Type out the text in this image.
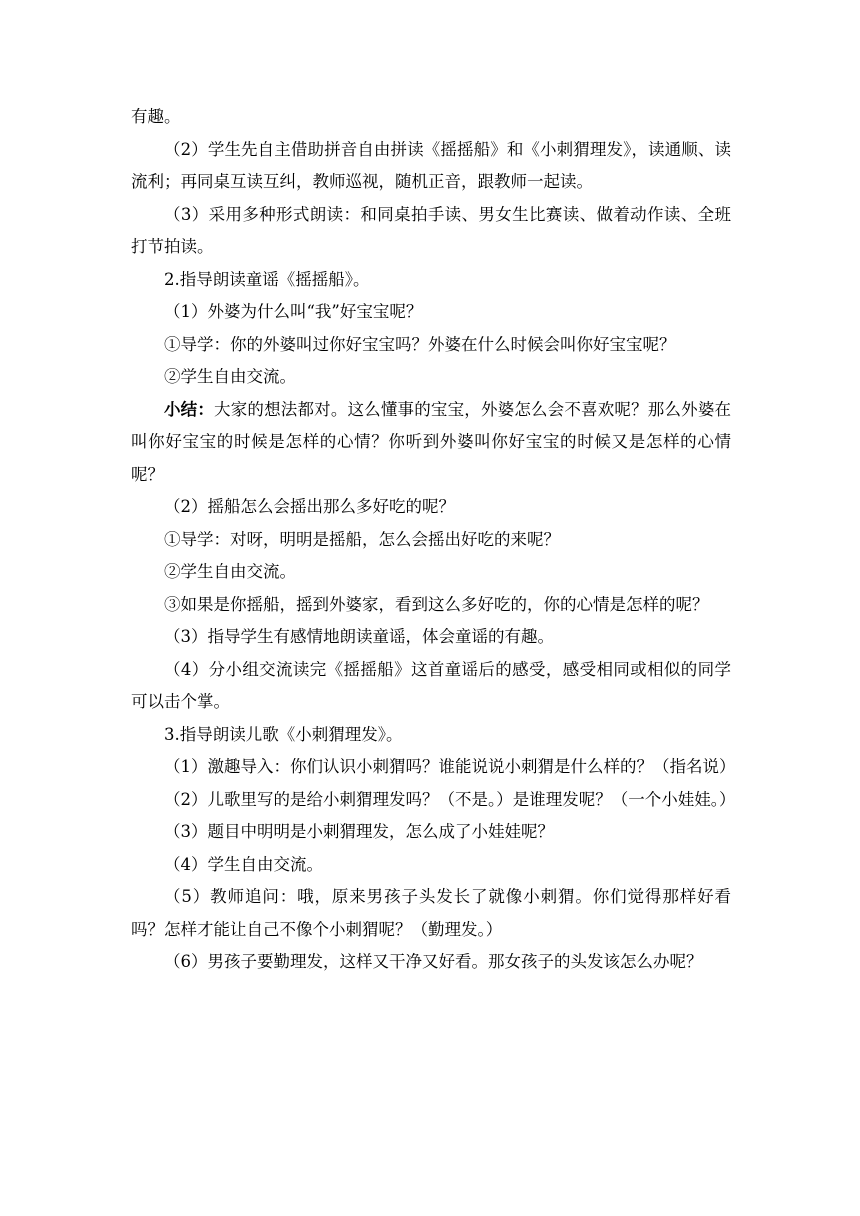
有趣。

（2）学生先自主借助拼音自由拼读《摇摇船》和《小刺猬理发》，读通顺、读流利；再同桌互读互纠，教师巡视，随机正音，跟教师一起读。

（3）采用多种形式朗读：和同桌拍手读、男女生比赛读、做着动作读、全班打节拍读。

2.指导朗读童谣《摇摇船》。

（1）外婆为什么叫“我”好宝宝呢？

①导学：你的外婆叫过你好宝宝吗？外婆在什么时候会叫你好宝宝呢？

②学生自由交流。

小结：大家的想法都对。这么懂事的宝宝，外婆怎么会不喜欢呢？那么外婆在叫你好宝宝的时候是怎样的心情？你听到外婆叫你好宝宝的时候又是怎样的心情呢？

（2）摇船怎么会摇出那么多好吃的呢？

①导学：对呀，明明是摇船，怎么会摇出好吃的来呢？

②学生自由交流。

③如果是你摇船，摇到外婆家，看到这么多好吃的，你的心情是怎样的呢？

（3）指导学生有感情地朗读童谣，体会童谣的有趣。

（4）分小组交流读完《摇摇船》这首童谣后的感受，感受相同或相似的同学可以击个掌。

3.指导朗读儿歌《小刺猬理发》。

（1）激趣导入：你们认识小刺猬吗？谁能说说小刺猬是什么样的？（指名说）

（2）儿歌里写的是给小刺猬理发吗？（不是。）是谁理发呢？（一个小娃娃。）

（3）题目中明明是小刺猬理发，怎么成了小娃娃呢？

（4）学生自由交流。

（5）教师追问：哦，原来男孩子头发长了就像小刺猬。你们觉得那样好看吗？怎样才能让自己不像个小刺猬呢？（勤理发。）

（6）男孩子要勤理发，这样又干净又好看。那女孩子的头发该怎么办呢？
